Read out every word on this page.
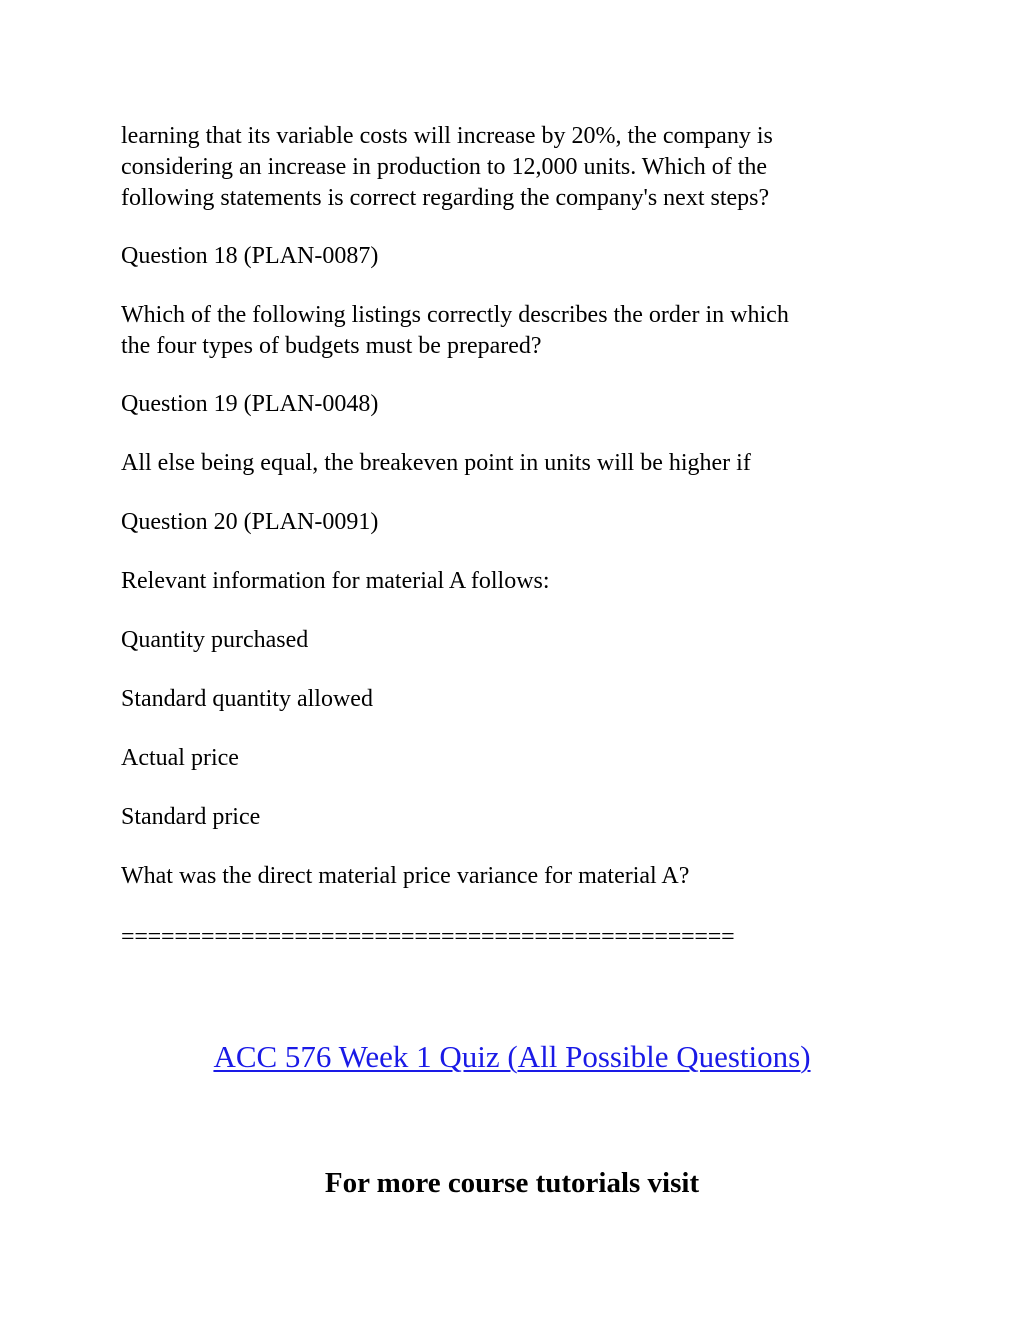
learning that its variable costs will increase by 20%, the company is
considering an increase in production to 12,000 units. Which of the
following statements is correct regarding the company's next steps?

Question 18 (PLAN-0087)

Which of the following listings correctly describes the order in which
the four types of budgets must be prepared?

Question 19 (PLAN-0048)

All else being equal, the breakeven point in units will be higher if

Question 20 (PLAN-0091)

Relevant information for material A follows:

Quantity purchased

Standard quantity allowed

Actual price

Standard price

What was the direct material price variance for material A?

==============================================

ACC 576 Week 1 Quiz (All Possible Questions)

For more course tutorials visit
